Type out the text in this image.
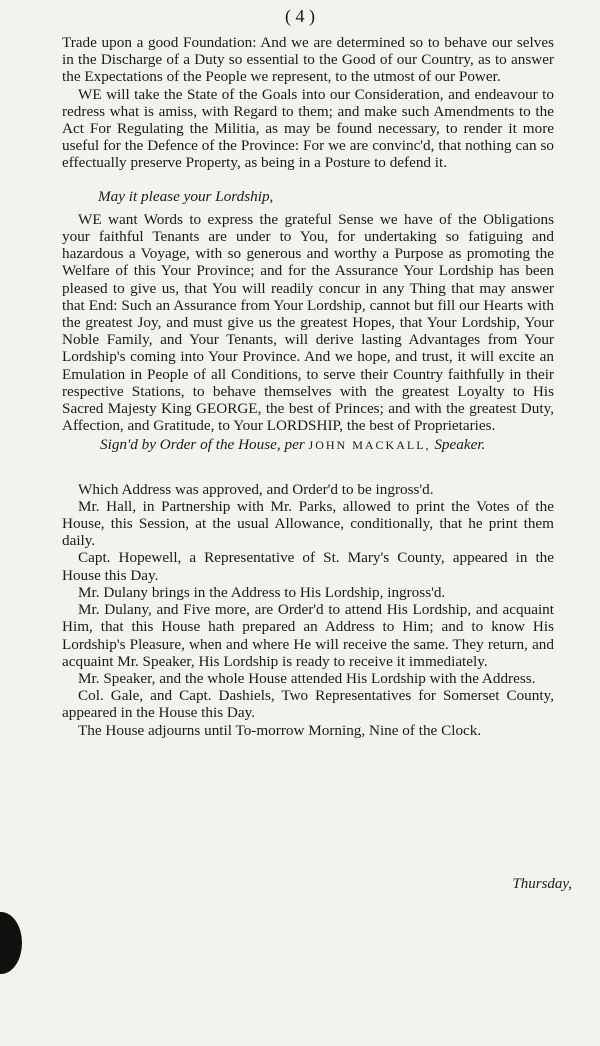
( 4 )

Trade upon a good Foundation: And we are determined so to behave our selves in the Discharge of a Duty so essential to the Good of our Country, as to answer the Expectations of the People we represent, to the utmost of our Power.

WE will take the State of the Goals into our Consideration, and endeavour to redress what is amiss, with Regard to them; and make such Amendments to the Act For Regulating the Militia, as may be found necessary, to render it more useful for the Defence of the Province: For we are convinc'd, that nothing can so effectually preserve Property, as being in a Posture to defend it.

May it please your Lordship,

WE want Words to express the grateful Sense we have of the Obligations your faithful Tenants are under to You, for undertaking so fatiguing and hazardous a Voyage, with so generous and worthy a Purpose as promoting the Welfare of this Your Province; and for the Assurance Your Lordship has been pleased to give us, that You will readily concur in any Thing that may answer that End: Such an Assurance from Your Lordship, cannot but fill our Hearts with the greatest Joy, and must give us the greatest Hopes, that Your Lordship, Your Noble Family, and Your Tenants, will derive lasting Advantages from Your Lordship's coming into Your Province. And we hope, and trust, it will excite an Emulation in People of all Conditions, to serve their Country faithfully in their respective Stations, to behave themselves with the greatest Loyalty to His Sacred Majesty King GEORGE, the best of Princes; and with the greatest Duty, Affection, and Gratitude, to Your LORDSHIP, the best of Proprietaries.

Sign'd by Order of the House, per JOHN MACKALL, Speaker.

Which Address was approved, and Order'd to be ingross'd.

Mr. Hall, in Partnership with Mr. Parks, allowed to print the Votes of the House, this Session, at the usual Allowance, conditionally, that he print them daily.

Capt. Hopewell, a Representative of St. Mary's County, appeared in the House this Day.

Mr. Dulany brings in the Address to His Lordship, ingross'd.

Mr. Dulany, and Five more, are Order'd to attend His Lordship, and acquaint Him, that this House hath prepared an Address to Him; and to know His Lordship's Pleasure, when and where He will receive the same. They return, and acquaint Mr. Speaker, His Lordship is ready to receive it immediately.

Mr. Speaker, and the whole House attended His Lordship with the Address.

Col. Gale, and Capt. Dashiels, Two Representatives for Somerset County, appeared in the House this Day.

The House adjourns until To-morrow Morning, Nine of the Clock.

Thursday,
